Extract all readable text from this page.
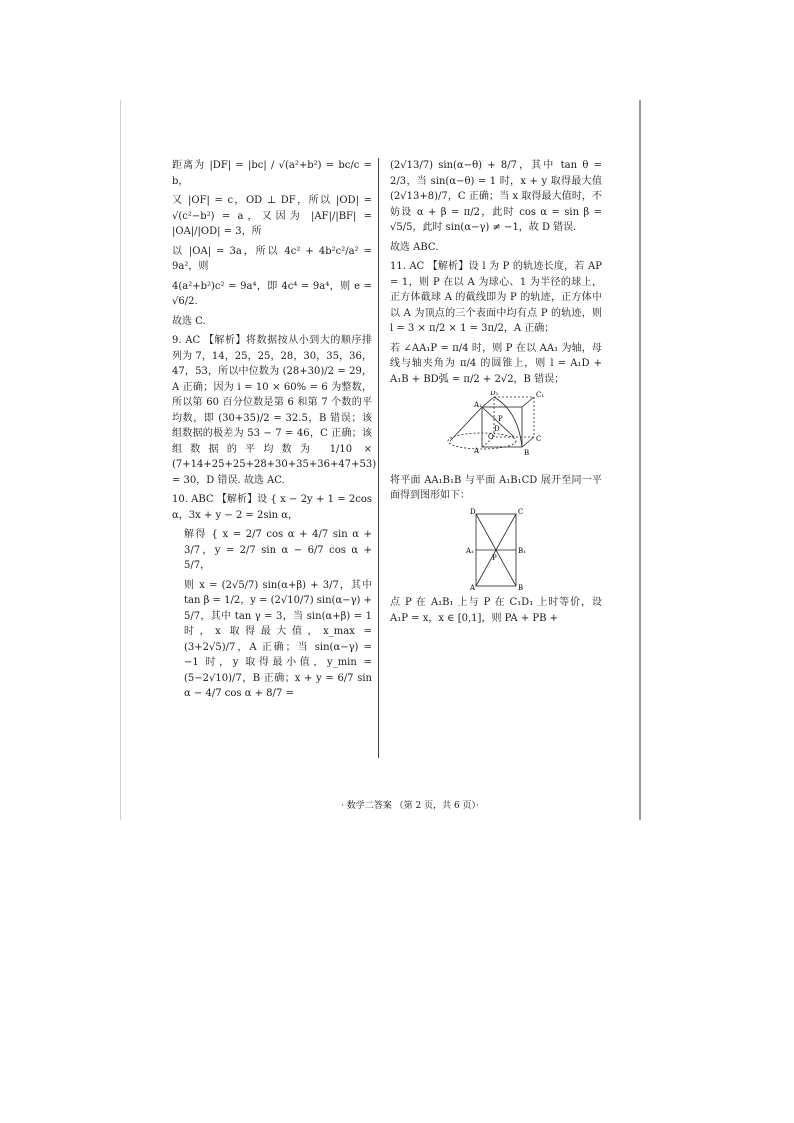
距离为 |DF| = |bc| / √(a²+b²) = bc/c = b，

又 |OF| = c，OD ⊥ DF，所以 |OD| = √(c²−b²) = a，又因为 |AF|/|BF| = |OA|/|OD| = 3，所

以 |OA| = 3a，所以 4c² + 4b²c²/a² = 9a²，则

4(a²+b²)c² = 9a⁴，即 4c⁴ = 9a⁴，则 e = √6/2.

故选 C.

9. AC 【解析】将数据按从小到大的顺序排列为 7，14，25，25，28，30，35，36，47，53，所以中位数为 (28+30)/2 = 29，A 正确；因为 i = 10 × 60% = 6 为整数，所以第 60 百分位数是第 6 和第 7 个数的平均数，即 (30+35)/2 = 32.5，B 错误；该组数据的极差为 53 − 7 = 46，C 正确；该组数据的平均数为 1/10 × (7+14+25+25+28+30+35+36+47+53) = 30，D 错误. 故选 AC.

10. ABC 【解析】设 { x − 2y + 1 = 2cos α，3x + y − 2 = 2sin α，

解得 { x = 2/7 cos α + 4/7 sin α + 3/7，y = 2/7 sin α − 6/7 cos α + 5/7，

则 x = (2√5/7) sin(α+β) + 3/7，其中 tan β = 1/2，y = (2√10/7) sin(α−γ) + 5/7，其中 tan γ = 3，当 sin(α+β) = 1 时，x 取得最大值，x_max = (3+2√5)/7，A 正确；当 sin(α−γ) = −1 时，y 取得最小值，y_min = (5−2√10)/7，B 正确；x + y = 6/7 sin α − 4/7 cos α + 8/7 =

(2√13/7) sin(α−θ) + 8/7，其中 tan θ = 2/3，当 sin(α−θ) = 1 时，x + y 取得最大值 (2√13+8)/7，C 正确；当 x 取得最大值时，不妨设 α + β = π/2，此时 cos α = sin β = √5/5，此时 sin(α−γ) ≠ −1，故 D 错误.

故选 ABC.

11. AC 【解析】设 l 为 P 的轨迹长度，若 AP = 1，则 P 在以 A 为球心、1 为半径的球上，正方体截球 A 的截线即为 P 的轨迹，正方体中以 A 为顶点的三个表面中均有点 P 的轨迹，则 l = 3 × π/2 × 1 = 3π/2，A 正确；

若 ∠AA₁P = π/4 时，则 P 在以 AA₁ 为轴，母线与轴夹角为 π/4 的圆锥上，则 l = A₁D + A₁B + BD弧 = π/2 + 2√2，B 错误；

A₁
D₁	C₁
A	B
C
D
P
O

将平面 AA₁B₁B 与平面 A₁B₁CD 展开至同一平面得到图形如下：

D	C
A₁	B₁
P
A	B

点 P 在 A₁B₁ 上与 P 在 C₁D₁ 上时等价，设 A₁P = x，x ∈ [0,1]，则 PA + PB +

· 数学二答案 （第 2 页，共 6 页）·
